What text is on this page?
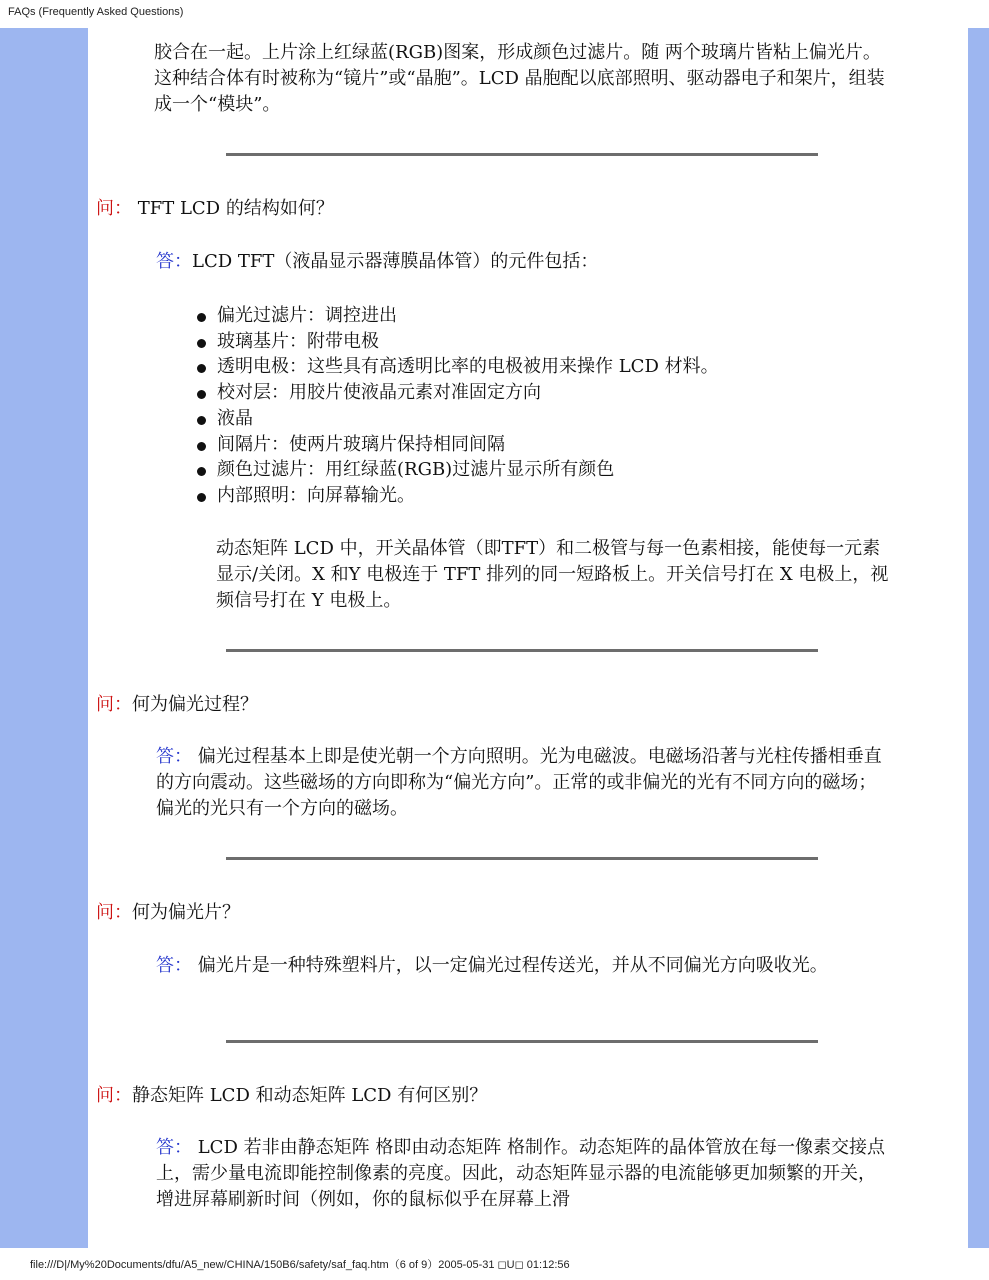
FAQs (Frequently Asked Questions)
胶合在一起。上片涂上红绿蓝(RGB)图案，形成颜色过滤片。随 两个玻璃片皆粘上偏光片。这种结合体有时被称为“镜片”或“晶胞”。LCD 晶胞配以底部照明、驱动器电子和架片，组装成一个“模块”。
问： TFT LCD 的结构如何？
答：LCD TFT（液晶显示器薄膜晶体管）的元件包括：
偏光过滤片：调控进出
玻璃基片：附带电极
透明电极：这些具有高透明比率的电极被用来操作 LCD 材料。
校对层：用胶片使液晶元素对准固定方向
液晶
间隔片：使两片玻璃片保持相同间隔
颜色过滤片：用红绿蓝(RGB)过滤片显示所有颜色
内部照明：向屏幕输光。
动态矩阵 LCD 中，开关晶体管（即TFT）和二极管与每一色素相接，能使每一元素显示/关闭。X 和Y 电极连于 TFT 排列的同一短路板上。开关信号打在 X 电极上，视频信号打在 Y 电极上。
问：何为偏光过程？
答： 偏光过程基本上即是使光朝一个方向照明。光为电磁波。电磁场沿著与光柱传播相垂直的方向震动。这些磁场的方向即称为“偏光方向”。正常的或非偏光的光有不同方向的磁场；偏光的光只有一个方向的磁场。
问：何为偏光片？
答： 偏光片是一种特殊塑料片，以一定偏光过程传送光，并从不同偏光方向吸收光。
问：静态矩阵 LCD 和动态矩阵 LCD 有何区别？
答： LCD 若非由静态矩阵 格即由动态矩阵 格制作。动态矩阵的晶体管放在每一像素交接点上，需少量电流即能控制像素的亮度。因此，动态矩阵显示器的电流能够更加频繁的开关，增进屏幕刷新时间（例如，你的鼠标似乎在屏幕上滑
file:///D|/My%20Documents/dfu/A5_new/CHINA/150B6/safety/saf_faq.htm（6 of 9）2005-05-31 ◻U◻ 01:12:56
